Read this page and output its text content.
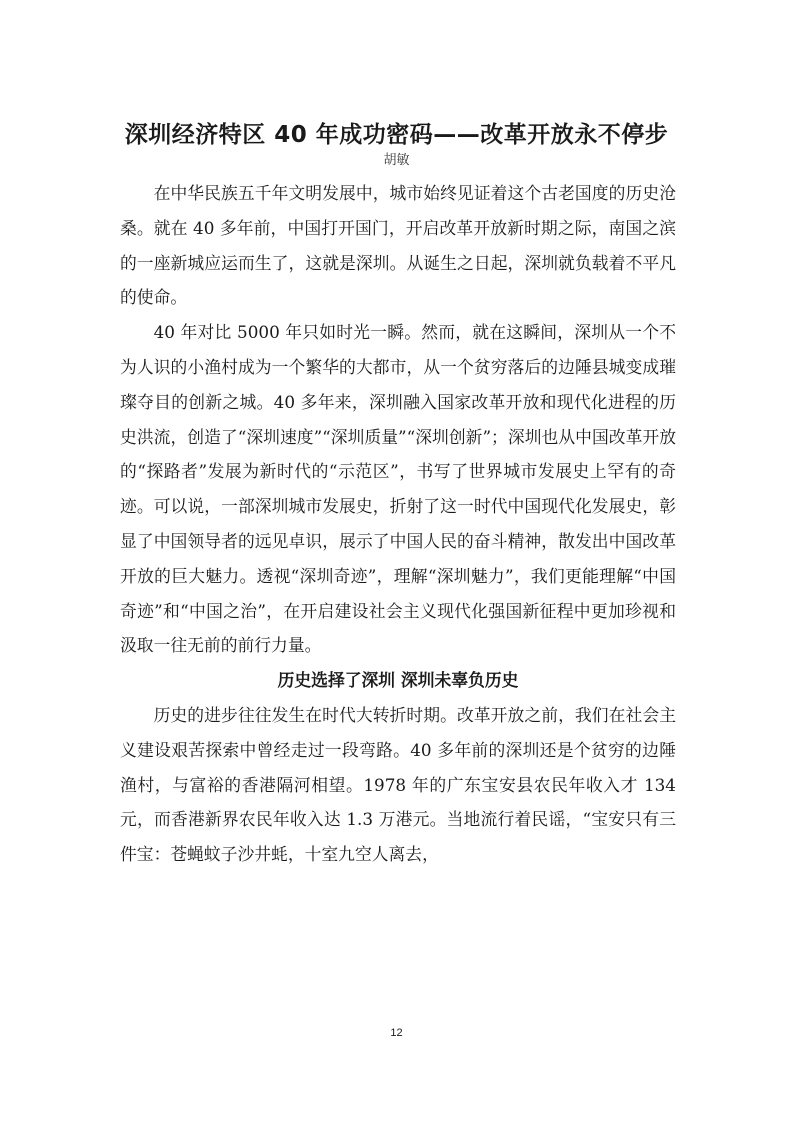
深圳经济特区 40 年成功密码——改革开放永不停步
胡敏

在中华民族五千年文明发展中，城市始终见证着这个古老国度的历史沧桑。就在 40 多年前，中国打开国门，开启改革开放新时期之际，南国之滨的一座新城应运而生了，这就是深圳。从诞生之日起，深圳就负载着不平凡的使命。

40 年对比 5000 年只如时光一瞬。然而，就在这瞬间，深圳从一个不为人识的小渔村成为一个繁华的大都市，从一个贫穷落后的边陲县城变成璀璨夺目的创新之城。40 多年来，深圳融入国家改革开放和现代化进程的历史洪流，创造了“深圳速度”“深圳质量”“深圳创新”；深圳也从中国改革开放的“探路者”发展为新时代的“示范区”，书写了世界城市发展史上罕有的奇迹。可以说，一部深圳城市发展史，折射了这一时代中国现代化发展史，彰显了中国领导者的远见卓识，展示了中国人民的奋斗精神，散发出中国改革开放的巨大魅力。透视“深圳奇迹”，理解“深圳魅力”，我们更能理解“中国奇迹”和“中国之治”，在开启建设社会主义现代化强国新征程中更加珍视和汲取一往无前的前行力量。

历史选择了深圳 深圳未辜负历史

历史的进步往往发生在时代大转折时期。改革开放之前，我们在社会主义建设艰苦探索中曾经走过一段弯路。40 多年前的深圳还是个贫穷的边陲渔村，与富裕的香港隔河相望。1978 年的广东宝安县农民年收入才 134 元，而香港新界农民年收入达 1.3 万港元。当地流行着民谣，“宝安只有三件宝：苍蝇蚊子沙井蚝，十室九空人离去，

12
